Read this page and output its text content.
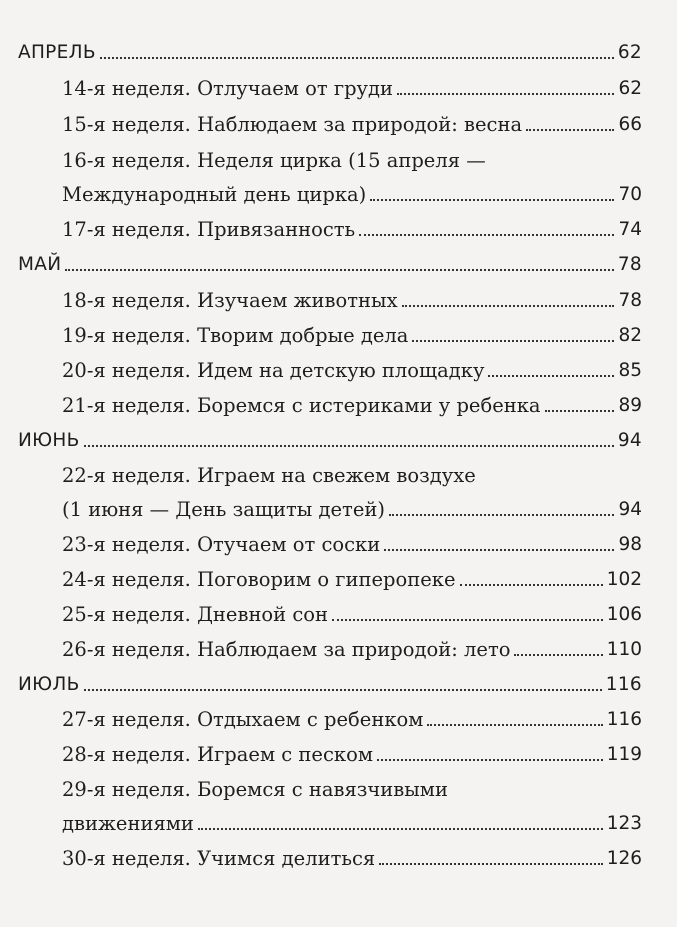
АПРЕЛЬ	62
14-я неделя. Отлучаем от груди	62
15-я неделя. Наблюдаем за природой: весна	66
16-я неделя. Неделя цирка (15 апреля —
Международный день цирка)	70
17-я неделя. Привязанность	74
МАЙ	78
18-я неделя. Изучаем животных	78
19-я неделя. Творим добрые дела	82
20-я неделя. Идем на детскую площадку	85
21-я неделя. Боремся с истериками у ребенка	89
ИЮНЬ	94
22-я неделя. Играем на свежем воздухе
(1 июня — День защиты детей)	94
23-я неделя. Отучаем от соски	98
24-я неделя. Поговорим о гиперопеке	102
25-я неделя. Дневной сон	106
26-я неделя. Наблюдаем за природой: лето	110
ИЮЛЬ	116
27-я неделя. Отдыхаем с ребенком	116
28-я неделя. Играем с песком	119
29-я неделя. Боремся с навязчивыми
движениями	123
30-я неделя. Учимся делиться	126
